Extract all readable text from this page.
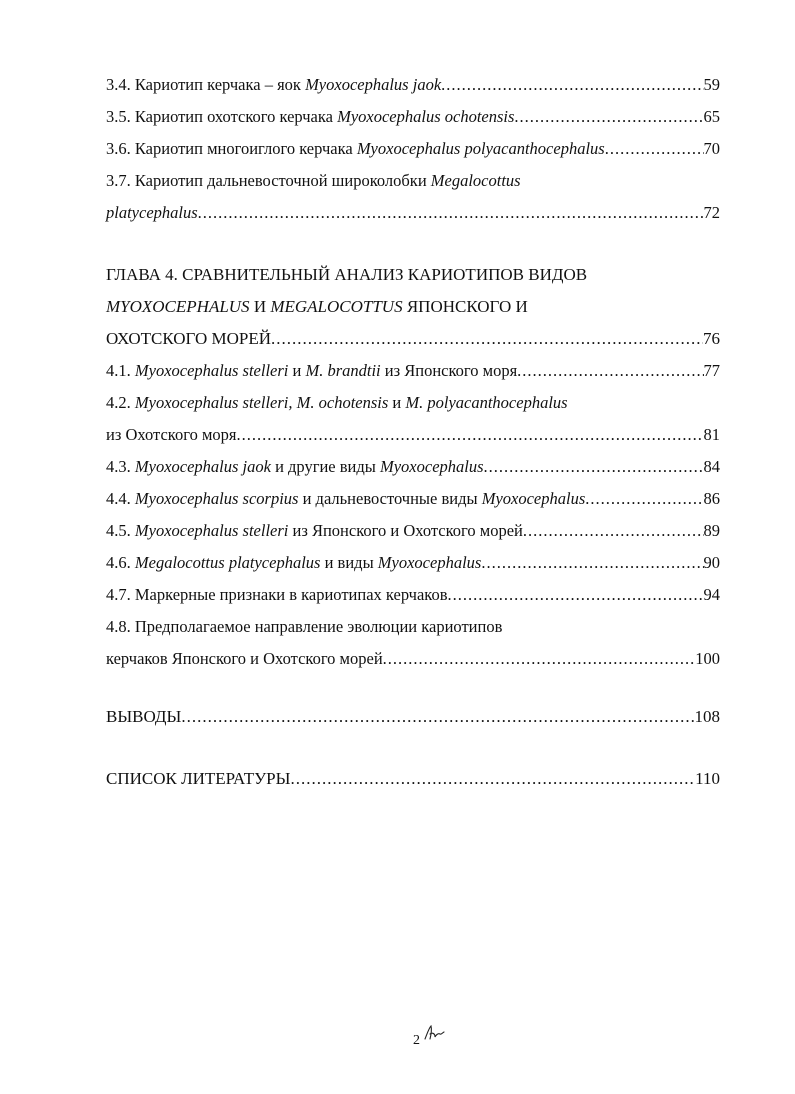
3.4. Кариотип керчака – яок Myoxocephalus jaok .....	59
3.5. Кариотип охотского керчака Myoxocephalus ochotensis .....	65
3.6. Кариотип многоиглого керчака Myoxocephalus polyacanthocephalus .....	70
3.7. Кариотип дальневосточной широколобки Megalocottus
platycephalus .....	72
ГЛАВА 4. СРАВНИТЕЛЬНЫЙ АНАЛИЗ КАРИОТИПОВ ВИДОВ
MYOXOCEPHALUS И MEGALOCOTTUS ЯПОНСКОГО И
ОХОТСКОГО МОРЕЙ .....	76
4.1. Myoxocephalus stelleri и M. brandtii из Японского моря .....	77
4.2. Myoxocephalus stelleri, M. ochotensis и M. polyacanthocephalus
из Охотского моря .....	81
4.3. Myoxocephalus jaok и другие виды Myoxocephalus .....	84
4.4. Myoxocephalus scorpius и дальневосточные виды Myoxocephalus .....	86
4.5. Myoxocephalus stelleri из Японского и Охотского морей .....	89
4.6. Megalocottus platycephalus и виды Myoxocephalus .....	90
4.7. Маркерные признаки в кариотипах керчаков .....	94
4.8. Предполагаемое направление эволюции кариотипов
керчаков Японского и Охотского морей .....	100
ВЫВОДЫ .....	108
СПИСОК ЛИТЕРАТУРЫ .....	110
2
